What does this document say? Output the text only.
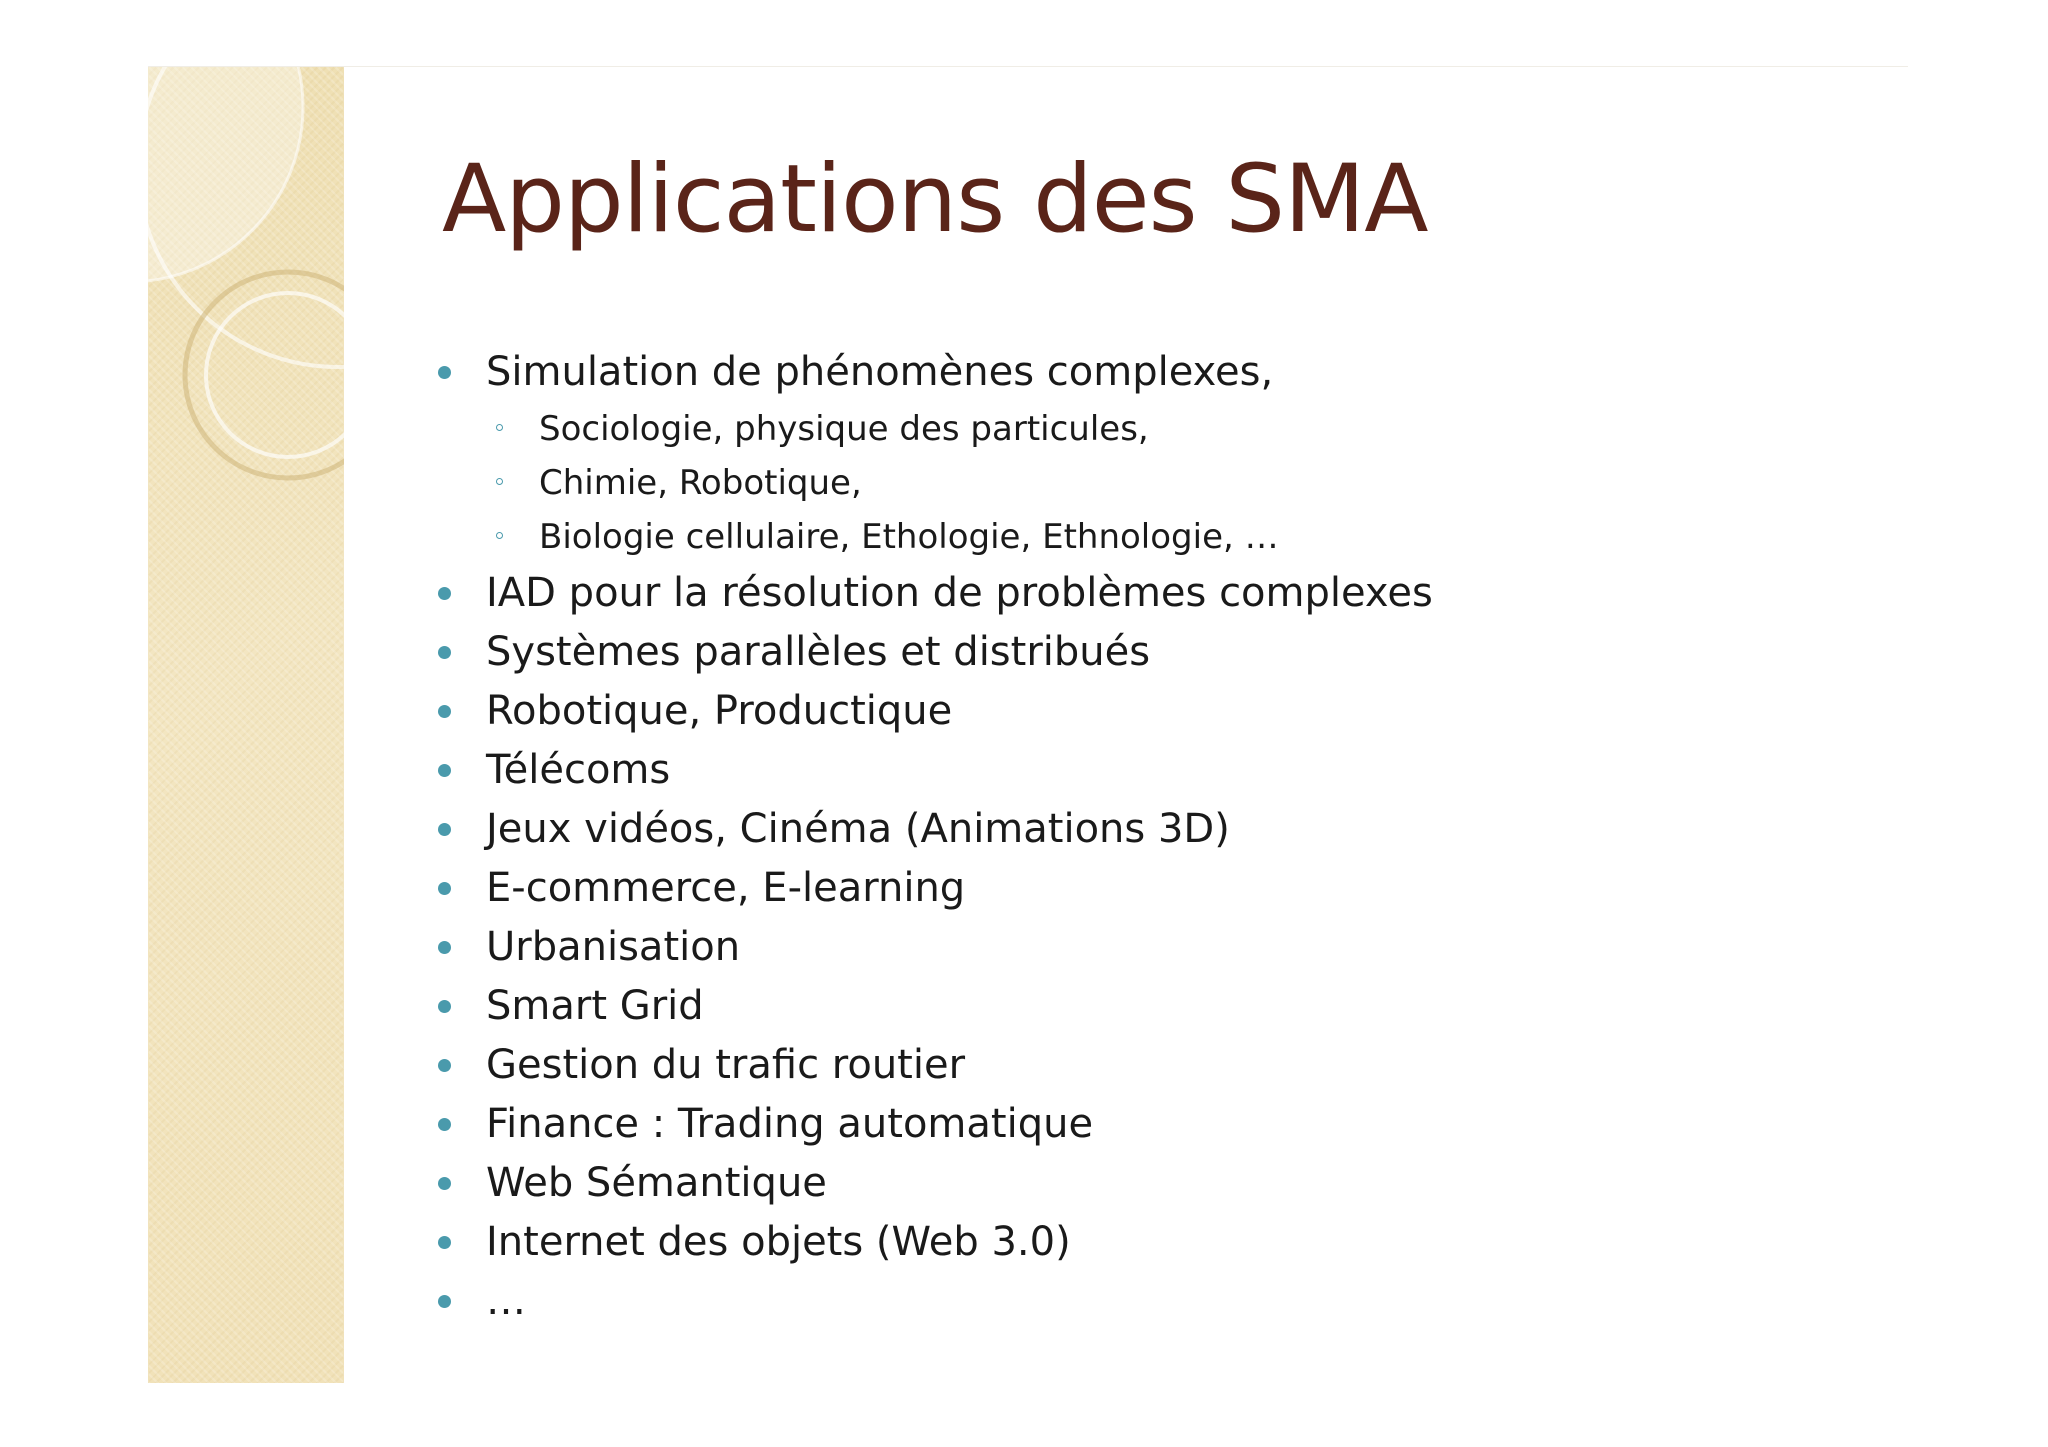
Applications des SMA
Simulation de phénomènes complexes,
Sociologie, physique des particules,
Chimie, Robotique,
Biologie cellulaire, Ethologie, Ethnologie, …
IAD pour la résolution de problèmes complexes
Systèmes parallèles et distribués
Robotique, Productique
Télécoms
Jeux vidéos, Cinéma (Animations 3D)
E-commerce, E-learning
Urbanisation
Smart Grid
Gestion du trafic routier
Finance : Trading automatique
Web Sémantique
Internet des objets (Web 3.0)
…
